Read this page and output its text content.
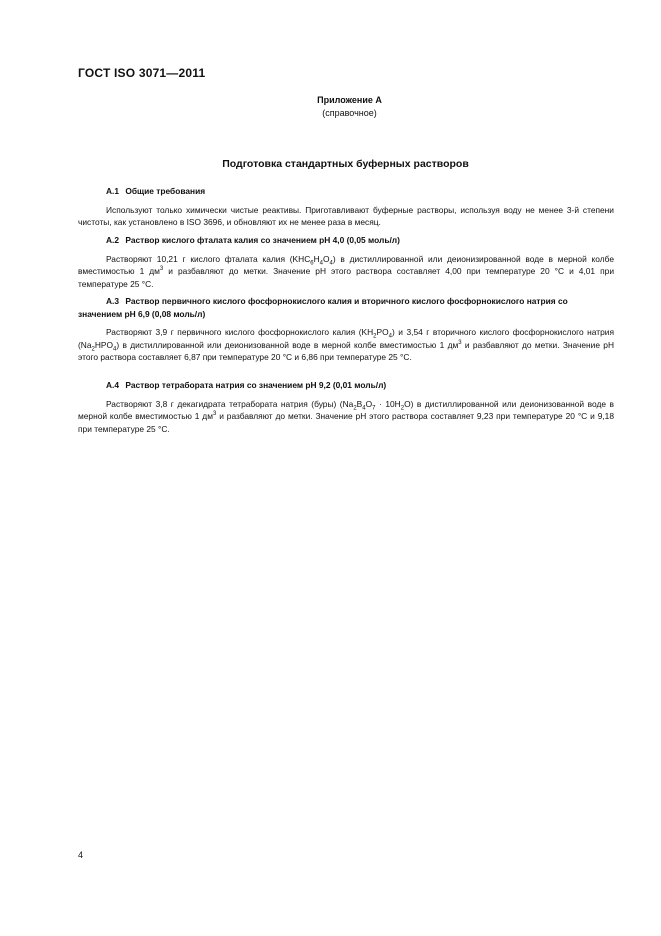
ГОСТ ISO 3071—2011
Приложение А
(справочное)
Подготовка стандартных буферных растворов
А.1 Общие требования

Используют только химически чистые реактивы. Приготавливают буферные растворы, используя воду не менее 3-й степени чистоты, как установлено в ISO 3696, и обновляют их не менее раза в месяц.

А.2 Раствор кислого фталата калия со значением pH 4,0 (0,05 моль/л)

Растворяют 10,21 г кислого фталата калия $(KHC_6H_4O_4)$ в дистиллированной или деионизированной воде в мерной колбе вместимостью 1 $дм^3$ и разбавляют до метки. Значение pH этого раствора составляет 4,00 при температуре 20 °С и 4,01 при температуре 25 °С.

А.3 Раствор первичного кислого фосфорнокислого калия и вторичного кислого фосфорнокислого натрия со значением pH 6,9 (0,08 моль/л)

Растворяют 3,9 г первичного кислого фосфорнокислого калия $(KH_2PO_4)$ и 3,54 г вторичного кислого фосфорнокислого натрия $(Na_2HPO_4)$ в дистиллированной или деионизованной воде в мерной колбе вместимостью 1 $дм^3$ и разбавляют до метки. Значение pH этого раствора составляет 6,87 при температуре 20 °С и 6,86 при температуре 25 °С.

А.4 Раствор тетрабората натрия со значением pH 9,2 (0,01 моль/л)

Растворяют 3,8 г декагидрата тетрабората натрия (буры) $(Na_2B_4O_7 \cdot 10H_2O)$ в дистиллированной или деионизованной воде в мерной колбе вместимостью 1 $дм^3$ и разбавляют до метки. Значение pH этого раствора составляет 9,23 при температуре 20 °С и 9,18 при температуре 25 °С.

4
